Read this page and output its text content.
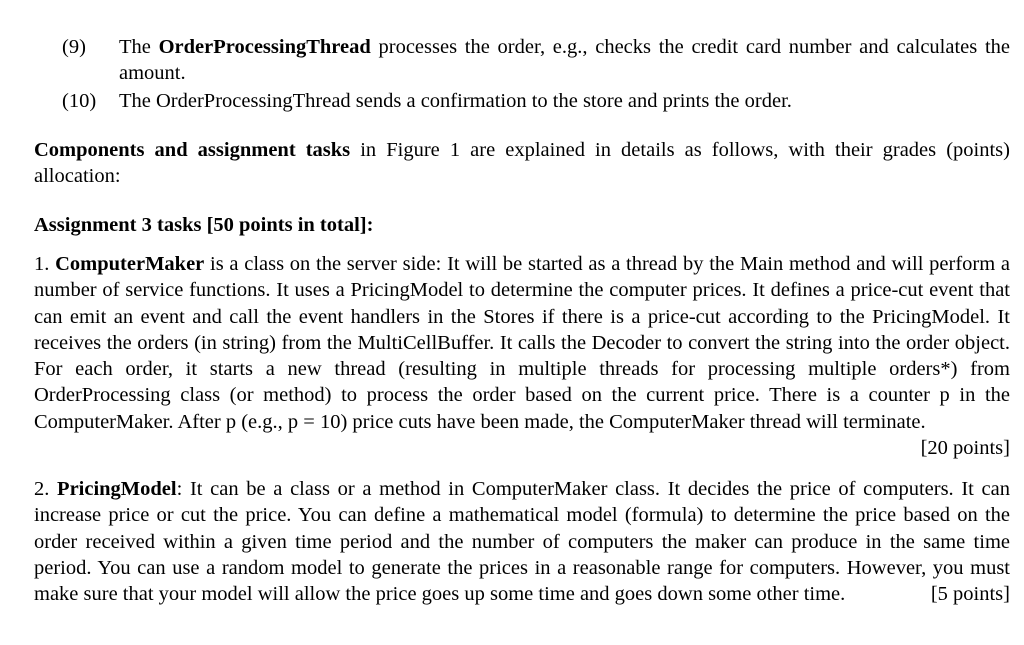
(9) The OrderProcessingThread processes the order, e.g., checks the credit card number and calculates the amount.
(10) The OrderProcessingThread sends a confirmation to the store and prints the order.
Components and assignment tasks in Figure 1 are explained in details as follows, with their grades (points) allocation:
Assignment 3 tasks [50 points in total]:
1. ComputerMaker is a class on the server side: It will be started as a thread by the Main method and will perform a number of service functions. It uses a PricingModel to determine the computer prices. It defines a price-cut event that can emit an event and call the event handlers in the Stores if there is a price-cut according to the PricingModel. It receives the orders (in string) from the MultiCellBuffer. It calls the Decoder to convert the string into the order object. For each order, it starts a new thread (resulting in multiple threads for processing multiple orders*) from OrderProcessing class (or method) to process the order based on the current price. There is a counter p in the ComputerMaker. After p (e.g., p = 10) price cuts have been made, the ComputerMaker thread will terminate.
[20 points]
2. PricingModel: It can be a class or a method in ComputerMaker class. It decides the price of computers. It can increase price or cut the price. You can define a mathematical model (formula) to determine the price based on the order received within a given time period and the number of computers the maker can produce in the same time period. You can use a random model to generate the prices in a reasonable range for computers. However, you must make sure that your model will allow the price goes up some time and goes down some other time.	[5 points]
